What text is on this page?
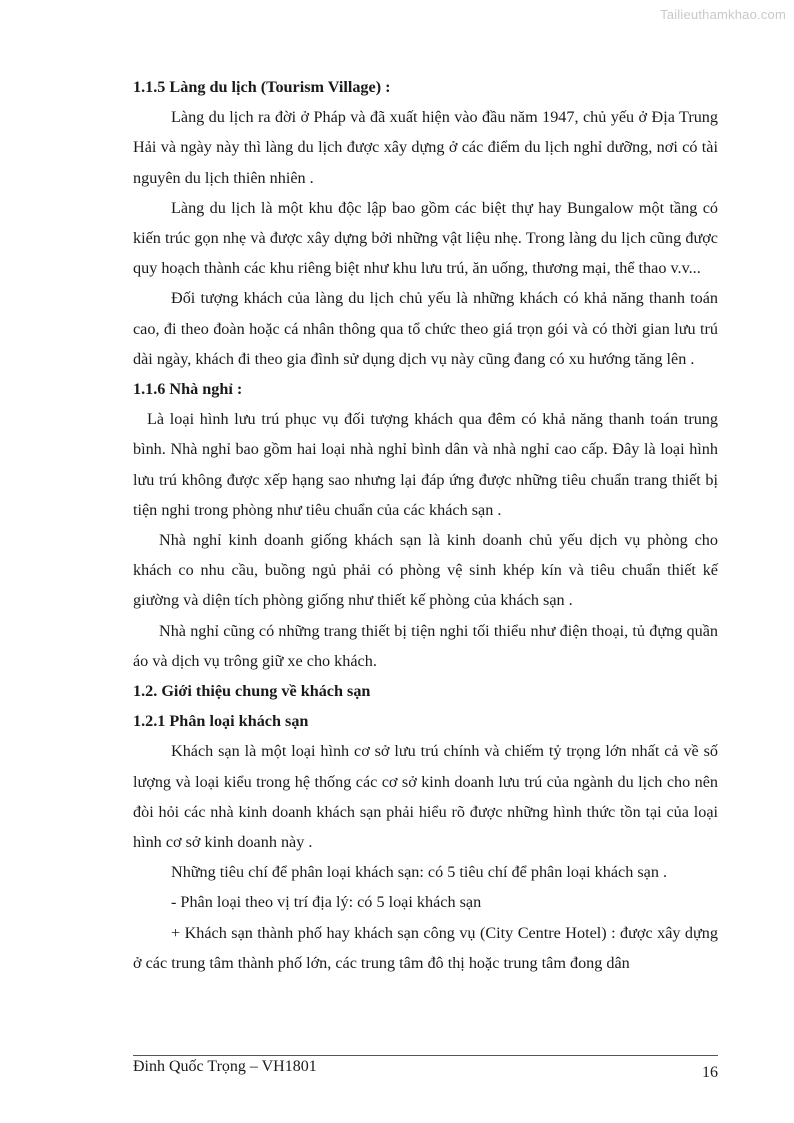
Tailieuthamkhao.com
1.1.5 Làng du lịch (Tourism Village) :

Làng du lịch ra đời ở Pháp và đã xuất hiện vào đầu năm 1947, chủ yếu ở Địa Trung Hải và ngày này thì làng du lịch được xây dựng ở các điểm du lịch nghỉ dưỡng, nơi có tài nguyên du lịch thiên nhiên .

Làng du lịch là một khu độc lập bao gồm các biệt thự hay Bungalow một tầng có kiến trúc gọn nhẹ và được xây dựng bởi những vật liệu nhẹ. Trong làng du lịch cũng được quy hoạch thành các khu riêng biệt như khu lưu trú, ăn uống, thương mại, thể thao v.v...

Đối tượng khách của làng du lịch chủ yếu là những khách có khả năng thanh toán cao, đi theo đoàn hoặc cá nhân thông qua tổ chức theo giá trọn gói và có thời gian lưu trú dài ngày, khách đi theo gia đình sử dụng dịch vụ này cũng đang có xu hướng tăng lên .

1.1.6 Nhà nghỉ :

Là loại hình lưu trú phục vụ đối tượng khách qua đêm có khả năng thanh toán trung bình. Nhà nghỉ bao gồm hai loại nhà nghỉ bình dân và nhà nghỉ cao cấp. Đây là loại hình lưu trú không được xếp hạng sao nhưng lại đáp ứng được những tiêu chuẩn trang thiết bị tiện nghi trong phòng như tiêu chuẩn của các khách sạn .

Nhà nghỉ kinh doanh giống khách sạn là kinh doanh chủ yếu dịch vụ phòng cho khách co nhu cầu, buồng ngủ phải có phòng vệ sinh khép kín và tiêu chuẩn thiết kế giường và diện tích phòng giống như thiết kế phòng của khách sạn .

Nhà nghỉ cũng có những trang thiết bị tiện nghi tối thiểu như điện thoại, tủ đựng quần áo và dịch vụ trông giữ xe cho khách.

1.2. Giới thiệu chung về khách sạn
1.2.1 Phân loại khách sạn

Khách sạn là một loại hình cơ sở lưu trú chính và chiếm tỷ trọng lớn nhất cả về số lượng và loại kiểu trong hệ thống các cơ sở kinh doanh lưu trú của ngành du lịch cho nên đòi hỏi các nhà kinh doanh khách sạn phải hiểu rõ được những hình thức tồn tại của loại hình cơ sở kinh doanh này .

Những tiêu chí để phân loại khách sạn: có 5 tiêu chí để phân loại khách sạn .

- Phân loại theo vị trí địa lý: có 5 loại khách sạn

+ Khách sạn thành phố hay khách sạn công vụ (City Centre Hotel) : được xây dựng ở các trung tâm thành phố lớn, các trung tâm đô thị hoặc trung tâm đong dân

Đinh Quốc Trọng – VH1801	16
